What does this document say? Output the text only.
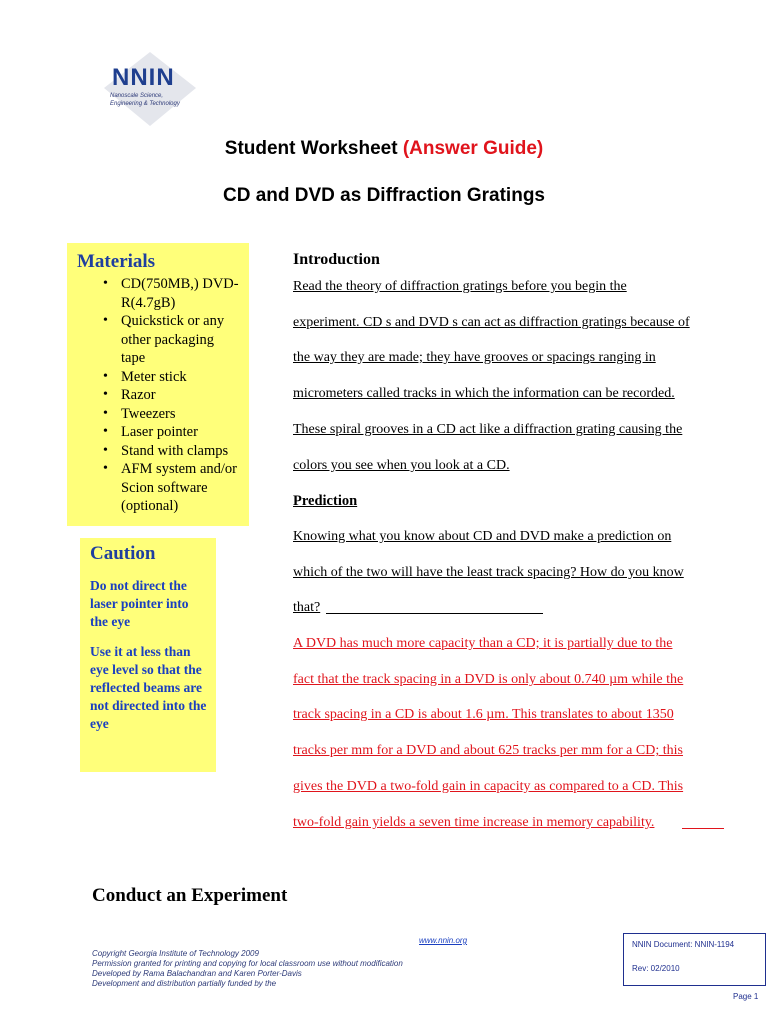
NNIN
Nanoscale Science,
Engineering & Technology
Student Worksheet (Answer Guide)
CD and DVD as Diffraction Gratings
Materials
• CD(750MB,) DVD-R(4.7gB)
• Quickstick or any other packaging tape
• Meter stick
• Razor
• Tweezers
• Laser pointer
• Stand with clamps
• AFM system and/or Scion software (optional)
Caution

Do not direct the laser pointer into the eye

Use it at less than eye level so that the reflected beams are not directed into the eye

Introduction
Read the theory of diffraction gratings before you begin the
experiment. CD s and DVD s can act as diffraction gratings because of
the way they are made; they have grooves or spacings ranging in
micrometers called tracks in which the information can be recorded.
These spiral grooves in a CD act like a diffraction grating causing the
colors you see when you look at a CD.
Prediction
Knowing what you know about CD and DVD make a prediction on
which of the two will have the least track spacing? How do you know
that?
A DVD has much more capacity than a CD; it is partially due to the
fact that the track spacing in a DVD is only about 0.740 µm while the
track spacing in a CD is about 1.6 µm. This translates to about 1350
tracks per mm for a DVD and about 625 tracks per mm for a CD; this
gives the DVD a two-fold gain in capacity as compared to a CD. This
two-fold gain yields a seven time increase in memory capability.
Conduct an Experiment
www.nnin.org
Copyright Georgia Institute of Technology 2009
Permission granted for printing and copying for local classroom use without modification
Developed by Rama Balachandran and Karen Porter-Davis
Development and distribution partially funded by the
NNIN Document: NNIN-1194
Rev: 02/2010
Page 1
